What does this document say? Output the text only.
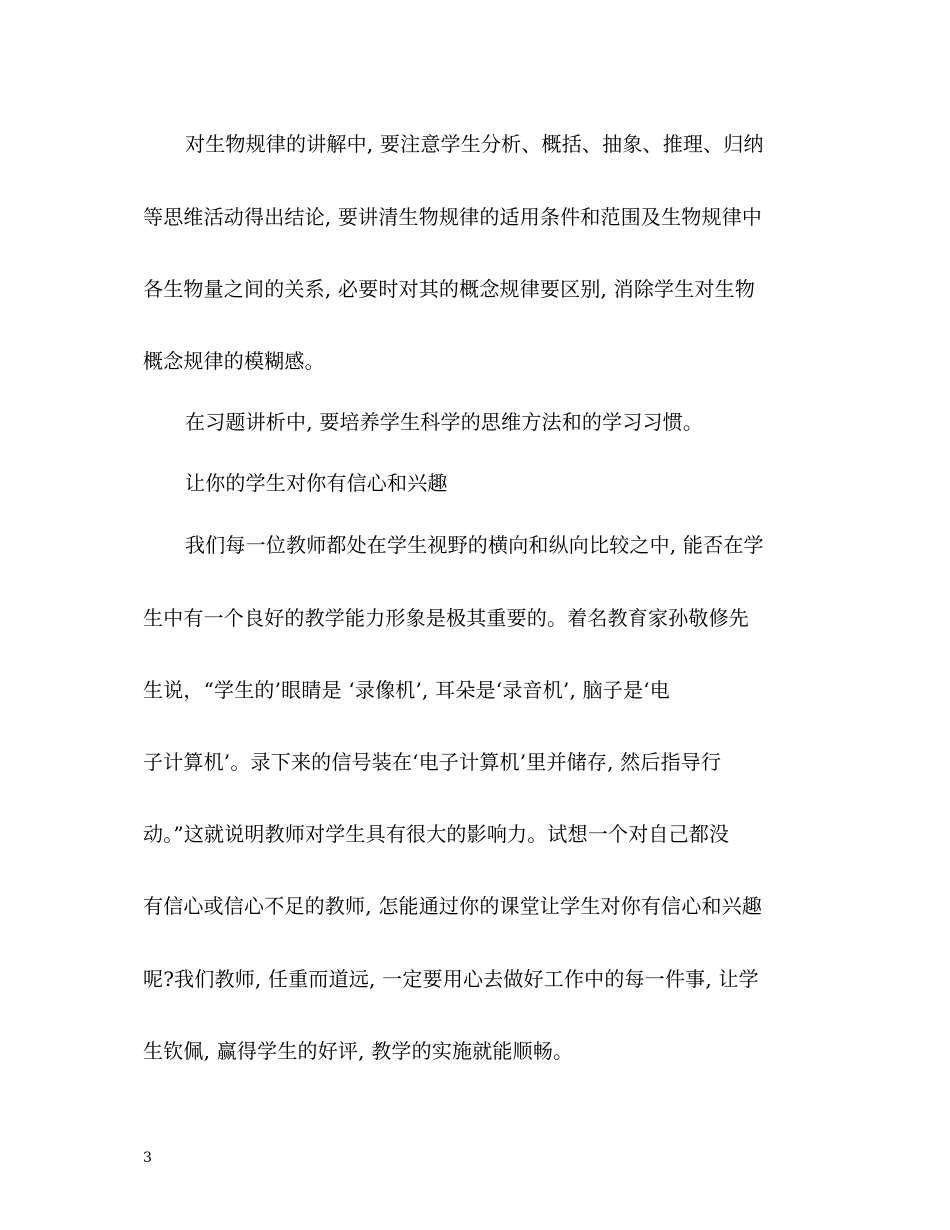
对生物规律的讲解中, 要注意学生分析、概括、抽象、推理、归纳
等思维活动得出结论, 要讲清生物规律的适用条件和范围及生物规律中
各生物量之间的关系, 必要时对其的概念规律要区别, 消除学生对生物
概念规律的模糊感。
在习题讲析中, 要培养学生科学的思维方法和的学习习惯。
让你的学生对你有信心和兴趣
我们每一位教师都处在学生视野的横向和纵向比较之中, 能否在学
生中有一个良好的教学能力形象是极其重要的。着名教育家孙敬修先
生说，“学生的’眼睛是 ‘录像机’, 耳朵是‘录音机’, 脑子是‘电
子计算机’。录下来的信号装在‘电子计算机’里并储存, 然后指导行
动。”这就说明教师对学生具有很大的影响力。试想一个对自己都没
有信心或信心不足的教师, 怎能通过你的课堂让学生对你有信心和兴趣
呢?我们教师, 任重而道远, 一定要用心去做好工作中的每一件事, 让学
生钦佩, 赢得学生的好评, 教学的实施就能顺畅。
3
